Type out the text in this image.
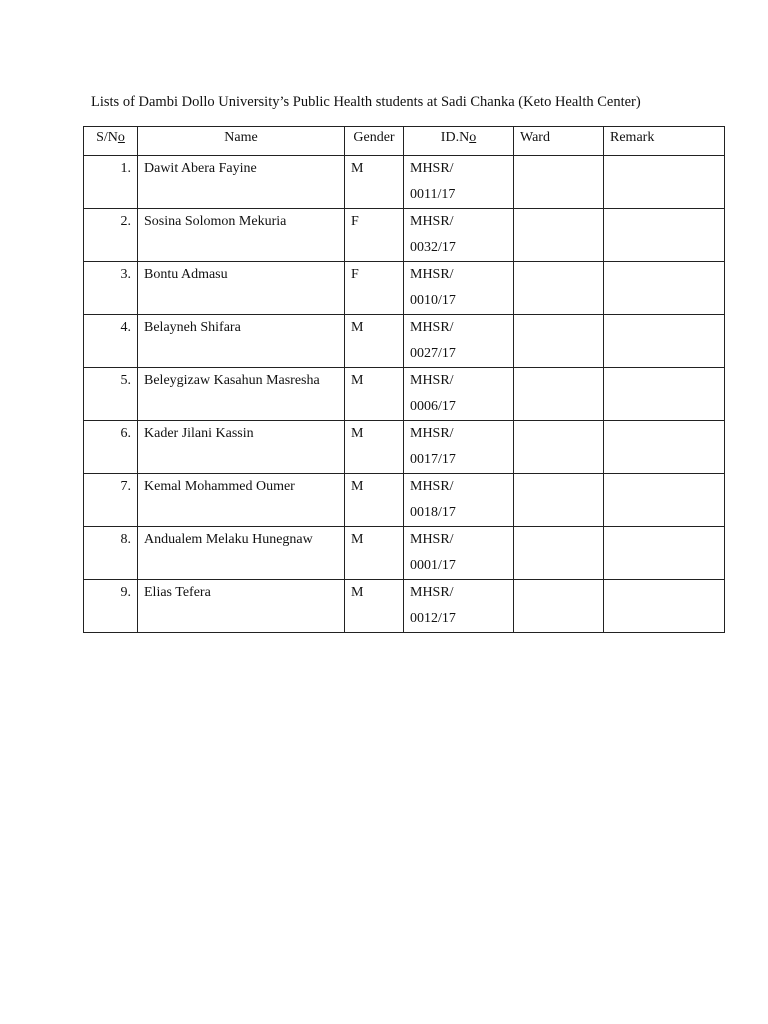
Lists of Dambi Dollo University’s Public Health students at Sadi Chanka (Keto Health Center)
S/No	Name	Gender	ID.No	Ward	Remark
1.	Dawit Abera Fayine	M	MHSR/
0011/17		

2.	Sosina Solomon Mekuria	F	MHSR/
0032/17		

3.	Bontu Admasu	F	MHSR/
0010/17		

4.	Belayneh Shifara	M	MHSR/
0027/17		

5.	Beleygizaw Kasahun Masresha	M	MHSR/
0006/17		

6.	Kader Jilani Kassin	M	MHSR/
0017/17		

7.	Kemal Mohammed Oumer	M	MHSR/
0018/17		

8.	Andualem Melaku Hunegnaw	M	MHSR/
0001/17		

9.	Elias Tefera	M	MHSR/
0012/17		
